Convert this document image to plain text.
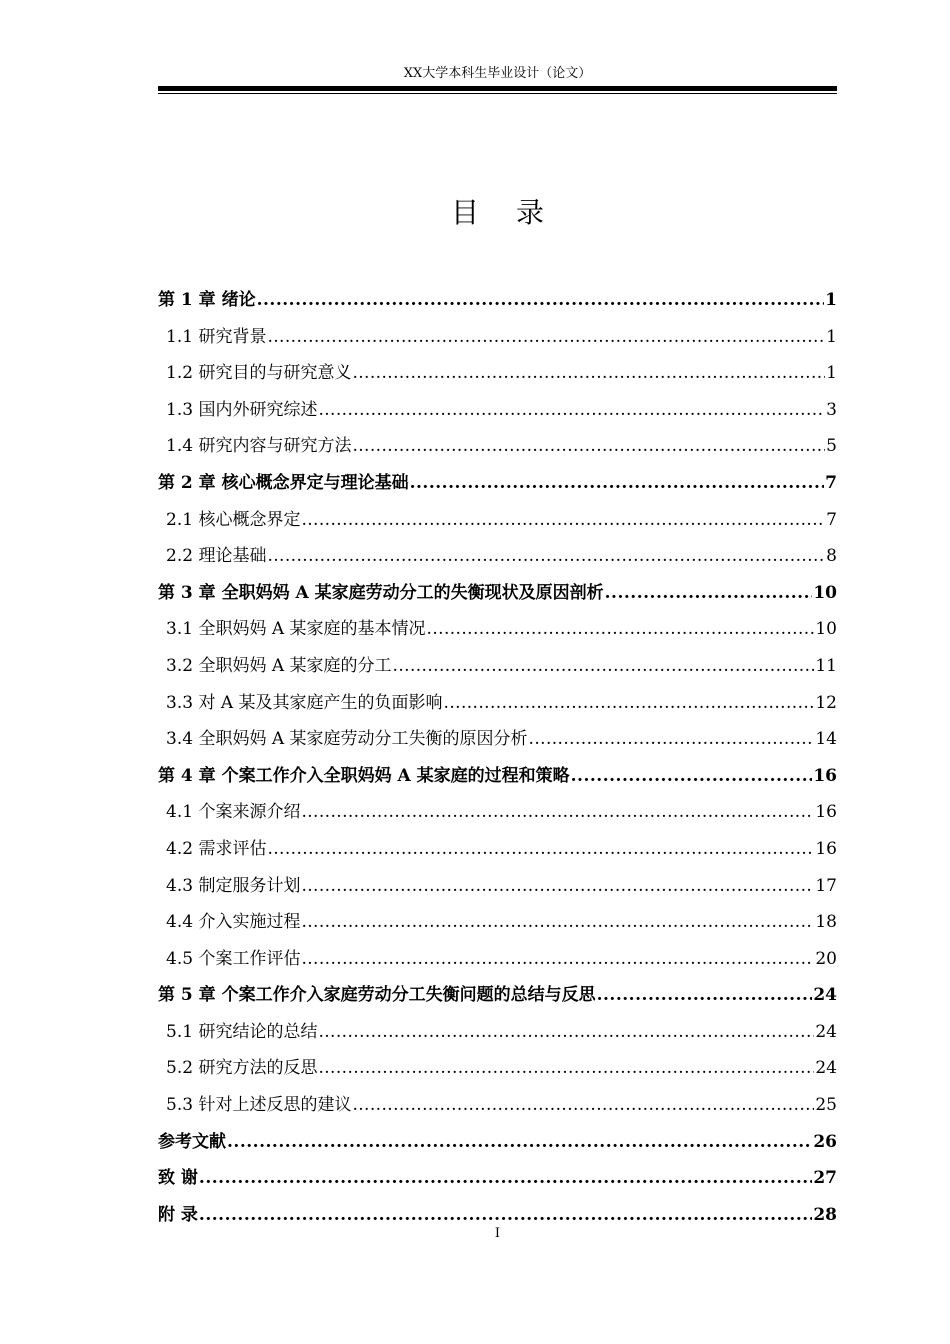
XX大学本科生毕业设计（论文）
目 录
第 1 章 绪论 .....	1
1.1 研究背景 .....	1
1.2 研究目的与研究意义 .....	1
1.3 国内外研究综述 .....	3
1.4 研究内容与研究方法 .....	5
第 2 章 核心概念界定与理论基础 .....	7
2.1 核心概念界定 .....	7
2.2 理论基础 .....	8
第 3 章 全职妈妈 A 某家庭劳动分工的失衡现状及原因剖析 .....	10
3.1 全职妈妈 A 某家庭的基本情况 .....	10
3.2 全职妈妈 A 某家庭的分工 .....	11
3.3 对 A 某及其家庭产生的负面影响 .....	12
3.4 全职妈妈 A 某家庭劳动分工失衡的原因分析 .....	14
第 4 章 个案工作介入全职妈妈 A 某家庭的过程和策略 .....	16
4.1 个案来源介绍 .....	16
4.2 需求评估 .....	16
4.3 制定服务计划 .....	17
4.4 介入实施过程 .....	18
4.5 个案工作评估 .....	20
第 5 章 个案工作介入家庭劳动分工失衡问题的总结与反思 .....	24
5.1 研究结论的总结 .....	24
5.2 研究方法的反思 .....	24
5.3 针对上述反思的建议 .....	25
参考文献 .....	26
致 谢 .....	27
附 录 .....	28
I
